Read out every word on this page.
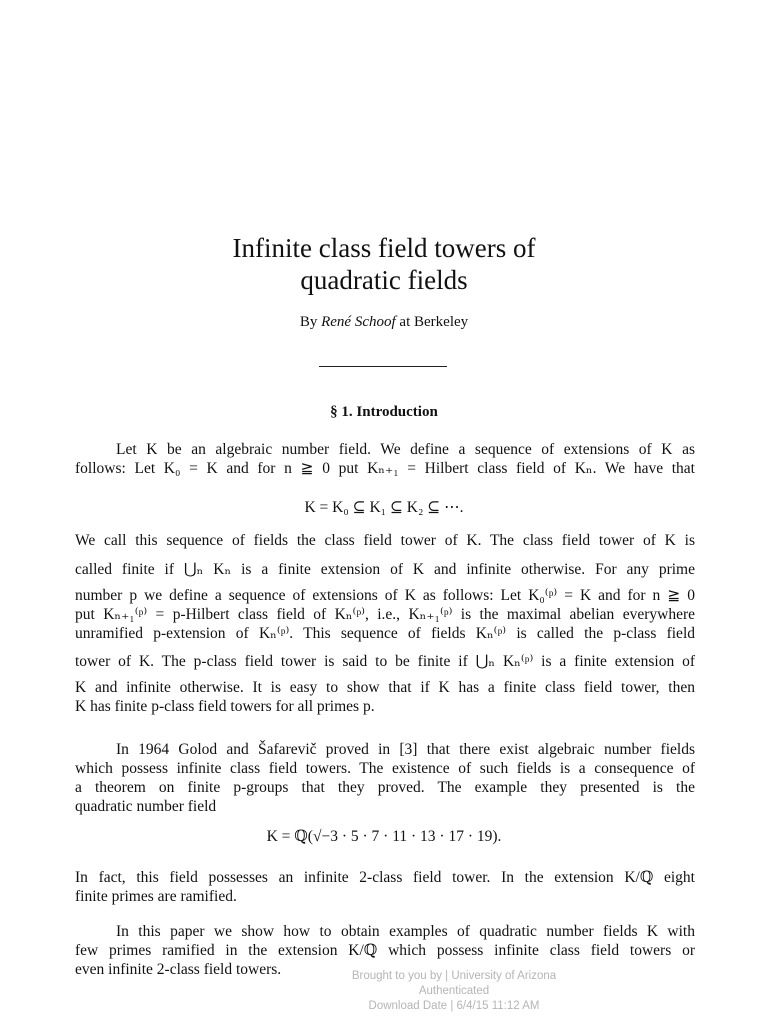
Infinite class field towers of
quadratic fields
By René Schoof at Berkeley
§ 1. Introduction
Let K be an algebraic number field. We define a sequence of extensions of K as
follows: Let K₀ = K and for n ≧ 0 put Kₙ₊₁ = Hilbert class field of Kₙ. We have that
K = K₀ ⊆ K₁ ⊆ K₂ ⊆ ⋯.
We call this sequence of fields the class field tower of K. The class field tower of K is
called finite if ⋃ₙ Kₙ is a finite extension of K and infinite otherwise. For any prime
number p we define a sequence of extensions of K as follows: Let K₀⁽ᵖ⁾ = K and for n ≧ 0
put Kₙ₊₁⁽ᵖ⁾ = p-Hilbert class field of Kₙ⁽ᵖ⁾, i.e., Kₙ₊₁⁽ᵖ⁾ is the maximal abelian everywhere
unramified p-extension of Kₙ⁽ᵖ⁾. This sequence of fields Kₙ⁽ᵖ⁾ is called the p-class field
tower of K. The p-class field tower is said to be finite if ⋃ₙ Kₙ⁽ᵖ⁾ is a finite extension of
K and infinite otherwise. It is easy to show that if K has a finite class field tower, then
K has finite p-class field towers for all primes p.
In 1964 Golod and Šafarevič proved in [3] that there exist algebraic number fields
which possess infinite class field towers. The existence of such fields is a consequence of
a theorem on finite p-groups that they proved. The example they presented is the
quadratic number field
K = ℚ(√−3 · 5 · 7 · 11 · 13 · 17 · 19).
In fact, this field possesses an infinite 2-class field tower. In the extension K/ℚ eight
finite primes are ramified.
In this paper we show how to obtain examples of quadratic number fields K with
few primes ramified in the extension K/ℚ which possess infinite class field towers or
even infinite 2-class field towers.	Brought to you by | University of Arizona
Authenticated
Download Date | 6/4/15 11:12 AM
